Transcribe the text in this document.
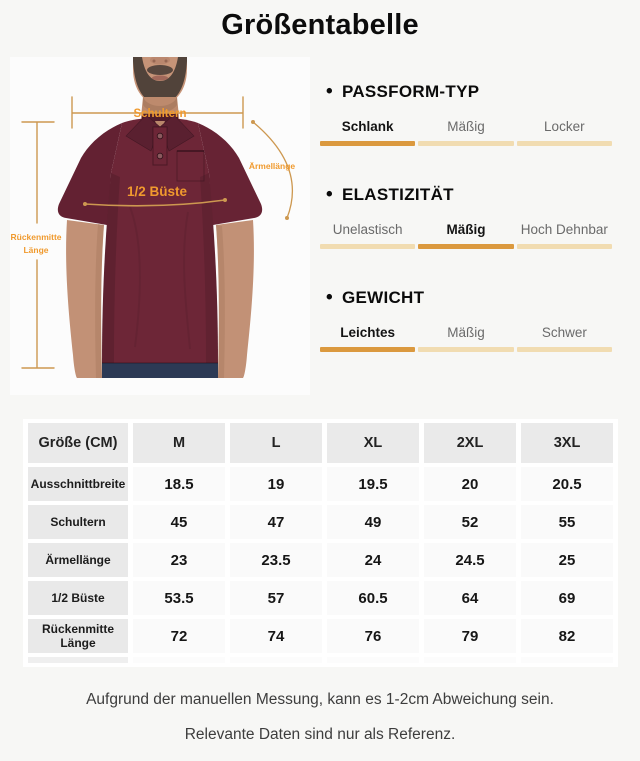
Größentabelle
Schultern
Rückenmitte
Länge
1/2 Büste
Ärmellänge
• PASSFORM-TYP
Schlank	Mäßig	Locker
• ELASTIZITÄT
Unelastisch	Mäßig	Hoch Dehnbar
• GEWICHT
Leichtes	Mäßig	Schwer
Größe (CM)	M	L	XL	2XL	3XL
Ausschnittbreite	18.5	19	19.5	20	20.5
Schultern	45	47	49	52	55
Ärmellänge	23	23.5	24	24.5	25
1/2 Büste	53.5	57	60.5	64	69
Rückenmitte Länge	72	74	76	79	82

Aufgrund der manuellen Messung, kann es 1-2cm Abweichung sein.

Relevante Daten sind nur als Referenz.
